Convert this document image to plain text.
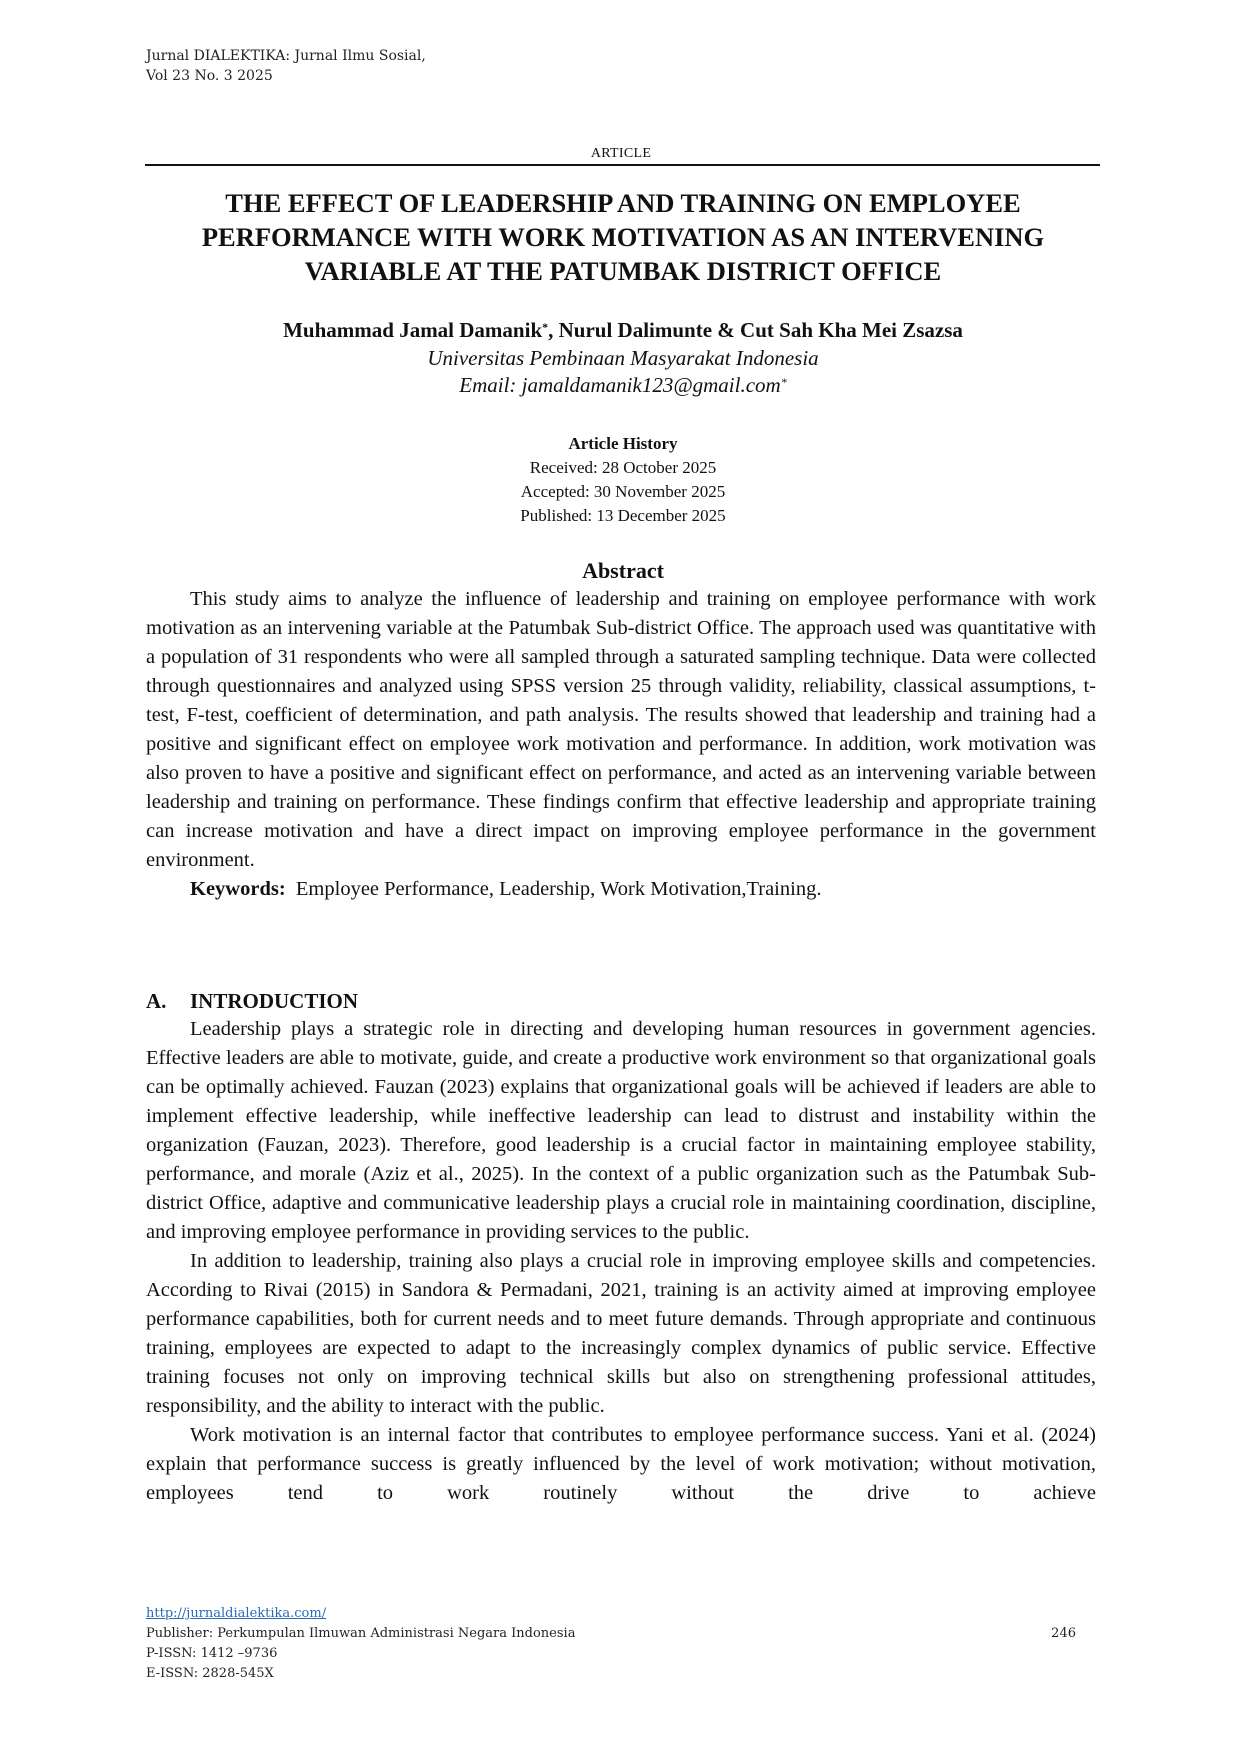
Jurnal DIALEKTIKA: Jurnal Ilmu Sosial,
Vol 23 No. 3 2025
ARTICLE
THE EFFECT OF LEADERSHIP AND TRAINING ON EMPLOYEE
PERFORMANCE WITH WORK MOTIVATION AS AN INTERVENING
VARIABLE AT THE PATUMBAK DISTRICT OFFICE
Muhammad Jamal Damanik*, Nurul Dalimunte & Cut Sah Kha Mei Zsazsa
Universitas Pembinaan Masyarakat Indonesia
Email: jamaldamanik123@gmail.com*
Article History
Received: 28 October 2025
Accepted: 30 November 2025
Published: 13 December 2025
Abstract

This study aims to analyze the influence of leadership and training on employee performance with work motivation as an intervening variable at the Patumbak Sub-district Office. The approach used was quantitative with a population of 31 respondents who were all sampled through a saturated sampling technique. Data were collected through questionnaires and analyzed using SPSS version 25 through validity, reliability, classical assumptions, t-test, F-test, coefficient of determination, and path analysis. The results showed that leadership and training had a positive and significant effect on employee work motivation and performance. In addition, work motivation was also proven to have a positive and significant effect on performance, and acted as an intervening variable between leadership and training on performance. These findings confirm that effective leadership and appropriate training can increase motivation and have a direct impact on improving employee performance in the government environment.

Keywords: Employee Performance, Leadership, Work Motivation,Training.

A. INTRODUCTION

Leadership plays a strategic role in directing and developing human resources in government agencies. Effective leaders are able to motivate, guide, and create a productive work environment so that organizational goals can be optimally achieved. Fauzan (2023) explains that organizational goals will be achieved if leaders are able to implement effective leadership, while ineffective leadership can lead to distrust and instability within the organization (Fauzan, 2023). Therefore, good leadership is a crucial factor in maintaining employee stability, performance, and morale (Aziz et al., 2025). In the context of a public organization such as the Patumbak Sub-district Office, adaptive and communicative leadership plays a crucial role in maintaining coordination, discipline, and improving employee performance in providing services to the public.

In addition to leadership, training also plays a crucial role in improving employee skills and competencies. According to Rivai (2015) in Sandora & Permadani, 2021, training is an activity aimed at improving employee performance capabilities, both for current needs and to meet future demands. Through appropriate and continuous training, employees are expected to adapt to the increasingly complex dynamics of public service. Effective training focuses not only on improving technical skills but also on strengthening professional attitudes, responsibility, and the ability to interact with the public.

Work motivation is an internal factor that contributes to employee performance success. Yani et al. (2024) explain that performance success is greatly influenced by the level of work motivation; without motivation, employees tend to work routinely without the drive to achieve

http://jurnaldialektika.com/
Publisher: Perkumpulan Ilmuwan Administrasi Negara Indonesia	246
P-ISSN: 1412 –9736
E-ISSN: 2828-545X
